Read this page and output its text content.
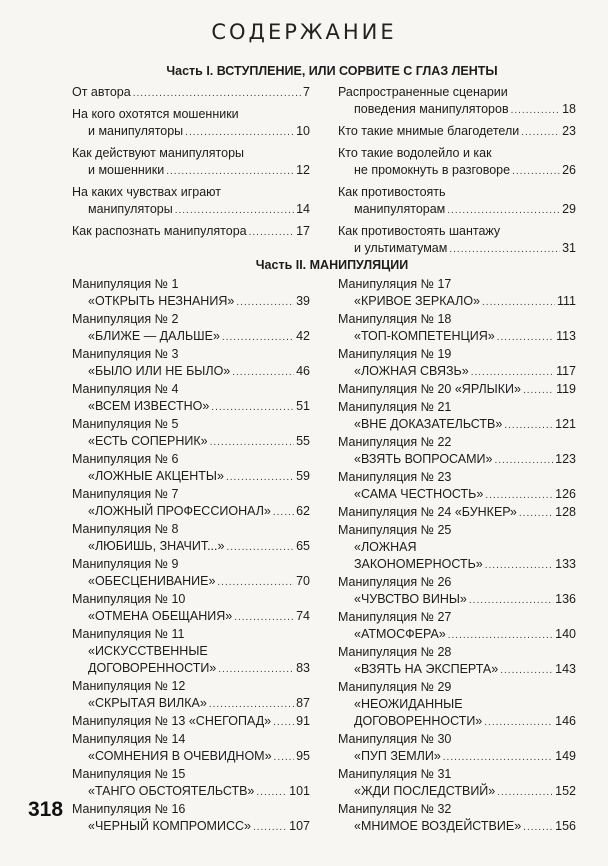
СОДЕРЖАНИЕ
Часть I. ВСТУПЛЕНИЕ, ИЛИ СОРВИТЕ С ГЛАЗ ЛЕНТЫ
От автора .....	7
На кого охотятся мошенники
и манипуляторы .....	10
Как действуют манипуляторы
и мошенники .....	12
На каких чувствах играют
манипуляторы .....	14
Как распознать манипулятора .....	17
Распространенные сценарии
поведения манипуляторов .....	18
Кто такие мнимые благодетели .....	23
Кто такие водолейло и как
не промокнуть в разговоре .....	26
Как противостоять
манипуляторам .....	29
Как противостоять шантажу
и ультиматумам .....	31
Часть II. МАНИПУЛЯЦИИ
Манипуляция № 1
«ОТКРЫТЬ НЕЗНАНИЯ» .....	39
Манипуляция № 2
«БЛИЖЕ — ДАЛЬШЕ» .....	42
Манипуляция № 3
«БЫЛО ИЛИ НЕ БЫЛО» .....	46
Манипуляция № 4
«ВСЕМ ИЗВЕСТНО» .....	51
Манипуляция № 5
«ЕСТЬ СОПЕРНИК» .....	55
Манипуляция № 6
«ЛОЖНЫЕ АКЦЕНТЫ» .....	59
Манипуляция № 7
«ЛОЖНЫЙ ПРОФЕССИОНАЛ» ..... 62
Манипуляция № 8
«ЛЮБИШЬ, ЗНАЧИТ...» .....	65
Манипуляция № 9
«ОБЕСЦЕНИВАНИЕ» .....	70
Манипуляция № 10
«ОТМЕНА ОБЕЩАНИЯ» .....	74
Манипуляция № 11
«ИСКУССТВЕННЫЕ
ДОГОВОРЕННОСТИ» .....	83
Манипуляция № 12
«СКРЫТАЯ ВИЛКА» .....	87
Манипуляция № 13 «СНЕГОПАД» ..... 91
Манипуляция № 14
«СОМНЕНИЯ В ОЧЕВИДНОМ» ..... 95
Манипуляция № 15
«ТАНГО ОБСТОЯТЕЛЬСТВ» .....	101
Манипуляция № 16
«ЧЕРНЫЙ КОМПРОМИСС» .....	107
Манипуляция № 17
«КРИВОЕ ЗЕРКАЛО» .....	111
Манипуляция № 18
«ТОП-КОМПЕТЕНЦИЯ» .....	113
Манипуляция № 19
«ЛОЖНАЯ СВЯЗЬ» .....	117
Манипуляция № 20 «ЯРЛЫКИ» .....	119
Манипуляция № 21
«ВНЕ ДОКАЗАТЕЛЬСТВ» .....	121
Манипуляция № 22
«ВЗЯТЬ ВОПРОСАМИ» .....	123
Манипуляция № 23
«САМА ЧЕСТНОСТЬ» .....	126
Манипуляция № 24 «БУНКЕР» .....	128
Манипуляция № 25
«ЛОЖНАЯ
ЗАКОНОМЕРНОСТЬ» .....	133
Манипуляция № 26
«ЧУВСТВО ВИНЫ» .....	136
Манипуляция № 27
«АТМОСФЕРА» .....	140
Манипуляция № 28
«ВЗЯТЬ НА ЭКСПЕРТА» .....	143
Манипуляция № 29
«НЕОЖИДАННЫЕ
ДОГОВОРЕННОСТИ» .....	146
Манипуляция № 30
«ПУП ЗЕМЛИ» .....	149
Манипуляция № 31
«ЖДИ ПОСЛЕДСТВИЙ» .....	152
Манипуляция № 32
«МНИМОЕ ВОЗДЕЙСТВИЕ» .....	156
318
